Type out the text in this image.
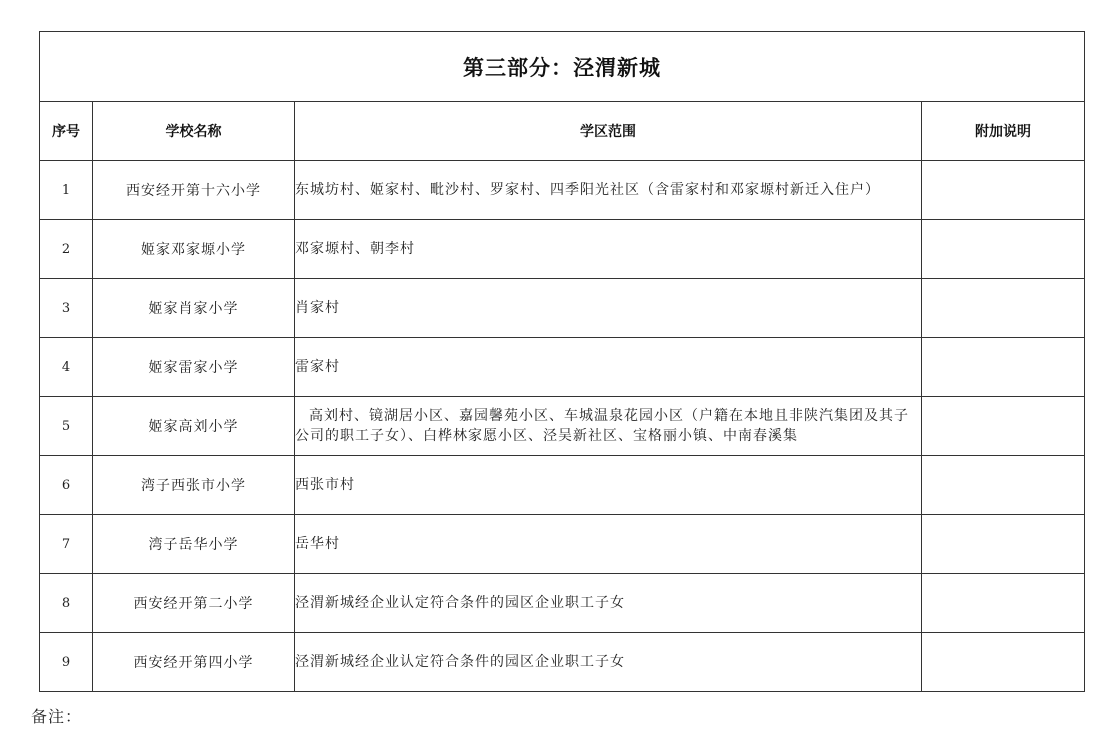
第三部分：泾渭新城			
序号	学校名称	学区范围	附加说明
1	西安经开第十六小学	东城坊村、姬家村、毗沙村、罗家村、四季阳光社区（含雷家村和邓家塬村新迁入住户）	
2	姬家邓家塬小学	邓家塬村、朝李村	
3	姬家肖家小学	肖家村	
4	姬家雷家小学	雷家村	
5	姬家高刘小学	高刘村、镜湖居小区、嘉园馨苑小区、车城温泉花园小区（户籍在本地且非陕汽集团及其子公司的职工子女）、白桦林家愿小区、泾吴新社区、宝格丽小镇、中南春溪集	
6	湾子西张市小学	西张市村	
7	湾子岳华小学	岳华村	
8	西安经开第二小学	泾渭新城经企业认定符合条件的园区企业职工子女	
9	西安经开第四小学	泾渭新城经企业认定符合条件的园区企业职工子女	
备注：
